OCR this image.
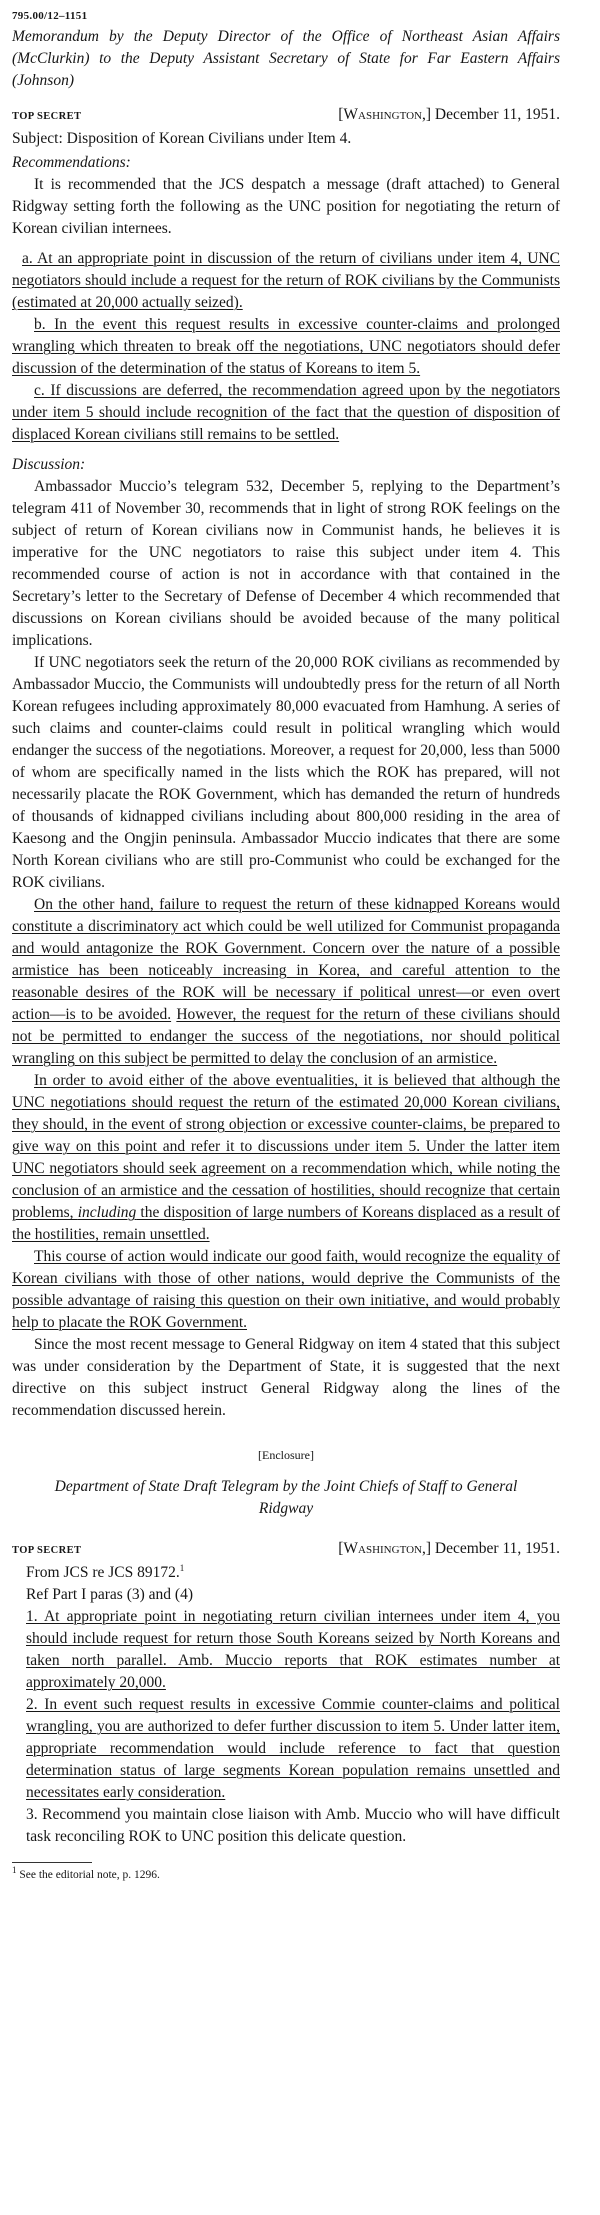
795.00/12–1151

Memorandum by the Deputy Director of the Office of Northeast Asian Affairs (McClurkin) to the Deputy Assistant Secretary of State for Far Eastern Affairs (Johnson)

TOP SECRET	[Washington,] December 11, 1951.

Subject: Disposition of Korean Civilians under Item 4.

Recommendations:

It is recommended that the JCS despatch a message (draft attached) to General Ridgway setting forth the following as the UNC position for negotiating the return of Korean civilian internees.

a. At an appropriate point in discussion of the return of civilians under item 4, UNC negotiators should include a request for the return of ROK civilians by the Communists (estimated at 20,000 actually seized).

b. In the event this request results in excessive counter-claims and prolonged wrangling which threaten to break off the negotiations, UNC negotiators should defer discussion of the determination of the status of Koreans to item 5.

c. If discussions are deferred, the recommendation agreed upon by the negotiators under item 5 should include recognition of the fact that the question of disposition of displaced Korean civilians still remains to be settled.

Discussion:

Ambassador Muccio’s telegram 532, December 5, replying to the Department’s telegram 411 of November 30, recommends that in light of strong ROK feelings on the subject of return of Korean civilians now in Communist hands, he believes it is imperative for the UNC negotiators to raise this subject under item 4. This recommended course of action is not in accordance with that contained in the Secretary’s letter to the Secretary of Defense of December 4 which recommended that discussions on Korean civilians should be avoided because of the many political implications.

If UNC negotiators seek the return of the 20,000 ROK civilians as recommended by Ambassador Muccio, the Communists will undoubtedly press for the return of all North Korean refugees including approximately 80,000 evacuated from Hamhung. A series of such claims and counter-claims could result in political wrangling which would endanger the success of the negotiations. Moreover, a request for 20,000, less than 5000 of whom are specifically named in the lists which the ROK has prepared, will not necessarily placate the ROK Government, which has demanded the return of hundreds of thousands of kidnapped civilians including about 800,000 residing in the area of Kaesong and the Ongjin peninsula. Ambassador Muccio indicates that there are some North Korean civilians who are still pro-Communist who could be exchanged for the ROK civilians.

On the other hand, failure to request the return of these kidnapped Koreans would constitute a discriminatory act which could be well utilized for Communist propaganda and would antagonize the ROK Government. Concern over the nature of a possible armistice has been noticeably increasing in Korea, and careful attention to the reasonable desires of the ROK will be necessary if political unrest—or even overt action—is to be avoided. However, the request for the return of these civilians should not be permitted to endanger the success of the negotiations, nor should political wrangling on this subject be permitted to delay the conclusion of an armistice.

In order to avoid either of the above eventualities, it is believed that although the UNC negotiations should request the return of the estimated 20,000 Korean civilians, they should, in the event of strong objection or excessive counter-claims, be prepared to give way on this point and refer it to discussions under item 5. Under the latter item UNC negotiators should seek agreement on a recommendation which, while noting the conclusion of an armistice and the cessation of hostilities, should recognize that certain problems, including the disposition of large numbers of Koreans displaced as a result of the hostilities, remain unsettled.

This course of action would indicate our good faith, would recognize the equality of Korean civilians with those of other nations, would deprive the Communists of the possible advantage of raising this question on their own initiative, and would probably help to placate the ROK Government.

Since the most recent message to General Ridgway on item 4 stated that this subject was under consideration by the Department of State, it is suggested that the next directive on this subject instruct General Ridgway along the lines of the recommendation discussed herein.

[Enclosure]

Department of State Draft Telegram by the Joint Chiefs of Staff to General Ridgway

TOP SECRET	[Washington,] December 11, 1951.

From JCS re JCS 89172.$^1$

Ref Part I paras (3) and (4)

1. At appropriate point in negotiating return civilian internees under item 4, you should include request for return those South Koreans seized by North Koreans and taken north parallel. Amb. Muccio reports that ROK estimates number at approximately 20,000.

2. In event such request results in excessive Commie counter-claims and political wrangling, you are authorized to defer further discussion to item 5. Under latter item, appropriate recommendation would include reference to fact that question determination status of large segments Korean population remains unsettled and necessitates early consideration.

3. Recommend you maintain close liaison with Amb. Muccio who will have difficult task reconciling ROK to UNC position this delicate question.

$^1$ See the editorial note, p. 1296.
